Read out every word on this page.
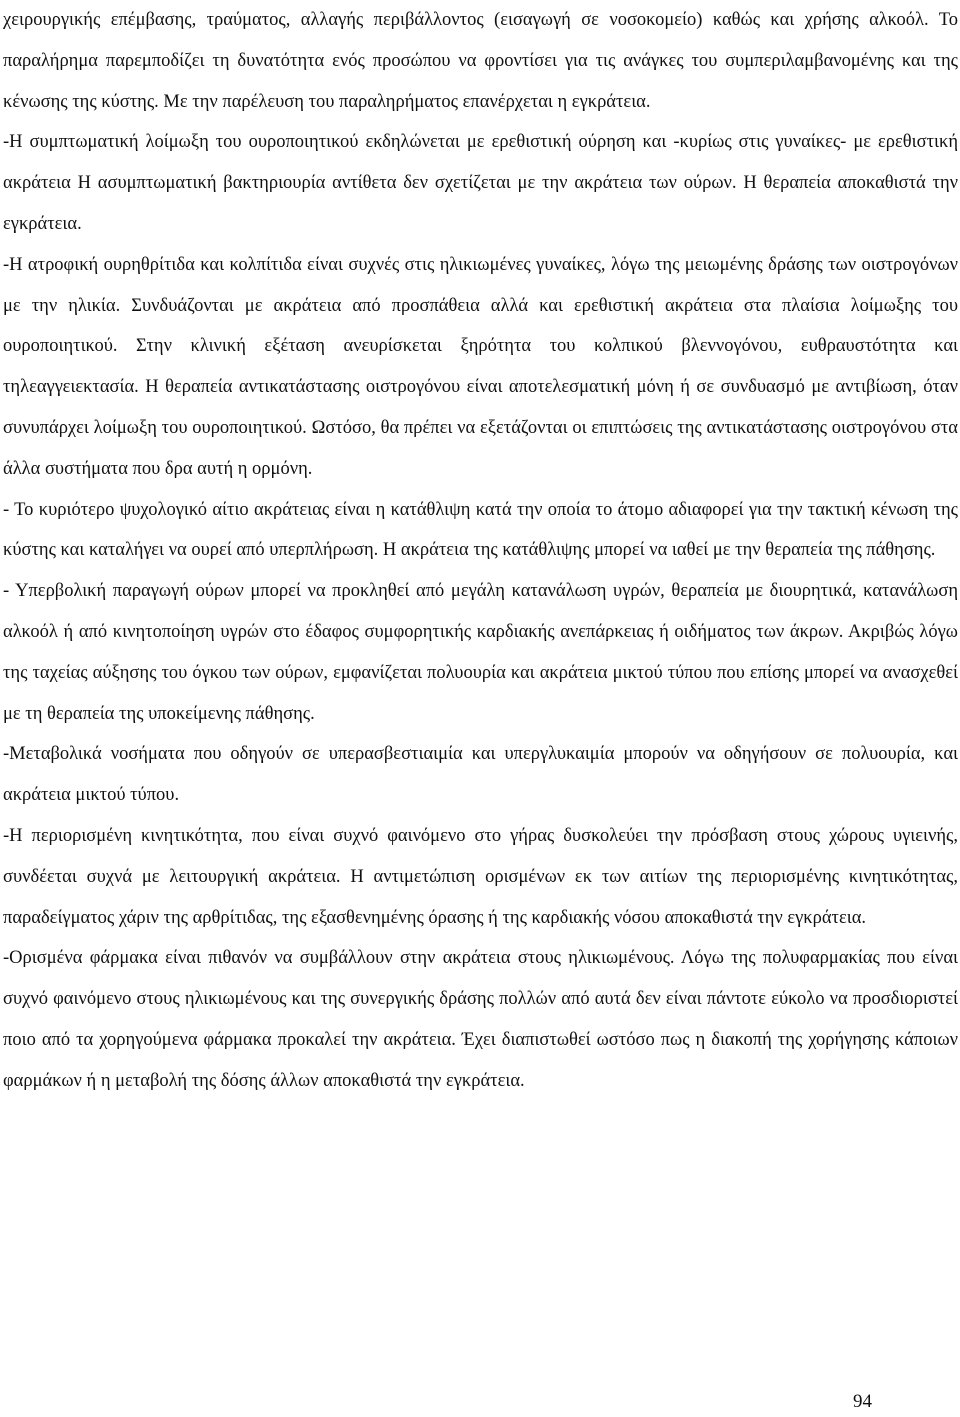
χειρουργικής επέμβασης, τραύματος, αλλαγής περιβάλλοντος (εισαγωγή σε νοσοκομείο) καθώς και χρήσης αλκοόλ. Το παραλήρημα παρεμποδίζει τη δυνατότητα ενός προσώπου να φροντίσει για τις ανάγκες του συμπεριλαμβανομένης και της κένωσης της κύστης. Με την παρέλευση του παραληρήματος επανέρχεται η εγκράτεια.

-Η συμπτωματική λοίμωξη του ουροποιητικού εκδηλώνεται με ερεθιστική ούρηση και -κυρίως στις γυναίκες- με ερεθιστική ακράτεια Η ασυμπτωματική βακτηριουρία αντίθετα δεν σχετίζεται με την ακράτεια των ούρων. Η θεραπεία αποκαθιστά την εγκράτεια.

-Η ατροφική ουρηθρίτιδα και κολπίτιδα είναι συχνές στις ηλικιωμένες γυναίκες, λόγω της μειωμένης δράσης των οιστρογόνων με την ηλικία. Συνδυάζονται με ακράτεια από προσπάθεια αλλά και ερεθιστική ακράτεια στα πλαίσια λοίμωξης του ουροποιητικού. Στην κλινική εξέταση ανευρίσκεται ξηρότητα του κολπικού βλεννογόνου, ευθραυστότητα και τηλεαγγειεκτασία. Η θεραπεία αντικατάστασης οιστρογόνου είναι αποτελεσματική μόνη ή σε συνδυασμό με αντιβίωση, όταν συνυπάρχει λοίμωξη του ουροποιητικού. Ωστόσο, θα πρέπει να εξετάζονται οι επιπτώσεις της αντικατάστασης οιστρογόνου στα άλλα συστήματα που δρα αυτή η ορμόνη.

- Το κυριότερο ψυχολογικό αίτιο ακράτειας είναι η κατάθλιψη κατά την οποία το άτομο αδιαφορεί για την τακτική κένωση της κύστης και καταλήγει να ουρεί από υπερπλήρωση. Η ακράτεια της κατάθλιψης μπορεί να ιαθεί με την θεραπεία της πάθησης.

- Υπερβολική παραγωγή ούρων μπορεί να προκληθεί από μεγάλη κατανάλωση υγρών, θεραπεία με διουρητικά, κατανάλωση αλκοόλ ή από κινητοποίηση υγρών στο έδαφος συμφορητικής καρδιακής ανεπάρκειας ή οιδήματος των άκρων. Ακριβώς λόγω της ταχείας αύξησης του όγκου των ούρων, εμφανίζεται πολυουρία και ακράτεια μικτού τύπου που επίσης μπορεί να ανασχεθεί με τη θεραπεία της υποκείμενης πάθησης.

-Μεταβολικά νοσήματα που οδηγούν σε υπερασβεστιαιμία και υπεργλυκαιμία μπορούν να οδηγήσουν σε πολυουρία, και ακράτεια μικτού τύπου.

-Η περιορισμένη κινητικότητα, που είναι συχνό φαινόμενο στο γήρας δυσκολεύει την πρόσβαση στους χώρους υγιεινής, συνδέεται συχνά με λειτουργική ακράτεια. Η αντιμετώπιση ορισμένων εκ των αιτίων της περιορισμένης κινητικότητας, παραδείγματος χάριν της αρθρίτιδας, της εξασθενημένης όρασης ή της καρδιακής νόσου αποκαθιστά την εγκράτεια.

-Ορισμένα φάρμακα είναι πιθανόν να συμβάλλουν στην ακράτεια στους ηλικιωμένους. Λόγω της πολυφαρμακίας που είναι συχνό φαινόμενο στους ηλικιωμένους και της συνεργικής δράσης πολλών από αυτά δεν είναι πάντοτε εύκολο να προσδιοριστεί ποιο από τα χορηγούμενα φάρμακα προκαλεί την ακράτεια. Έχει διαπιστωθεί ωστόσο πως η διακοπή της χορήγησης κάποιων φαρμάκων ή η μεταβολή της δόσης άλλων αποκαθιστά την εγκράτεια.

94
